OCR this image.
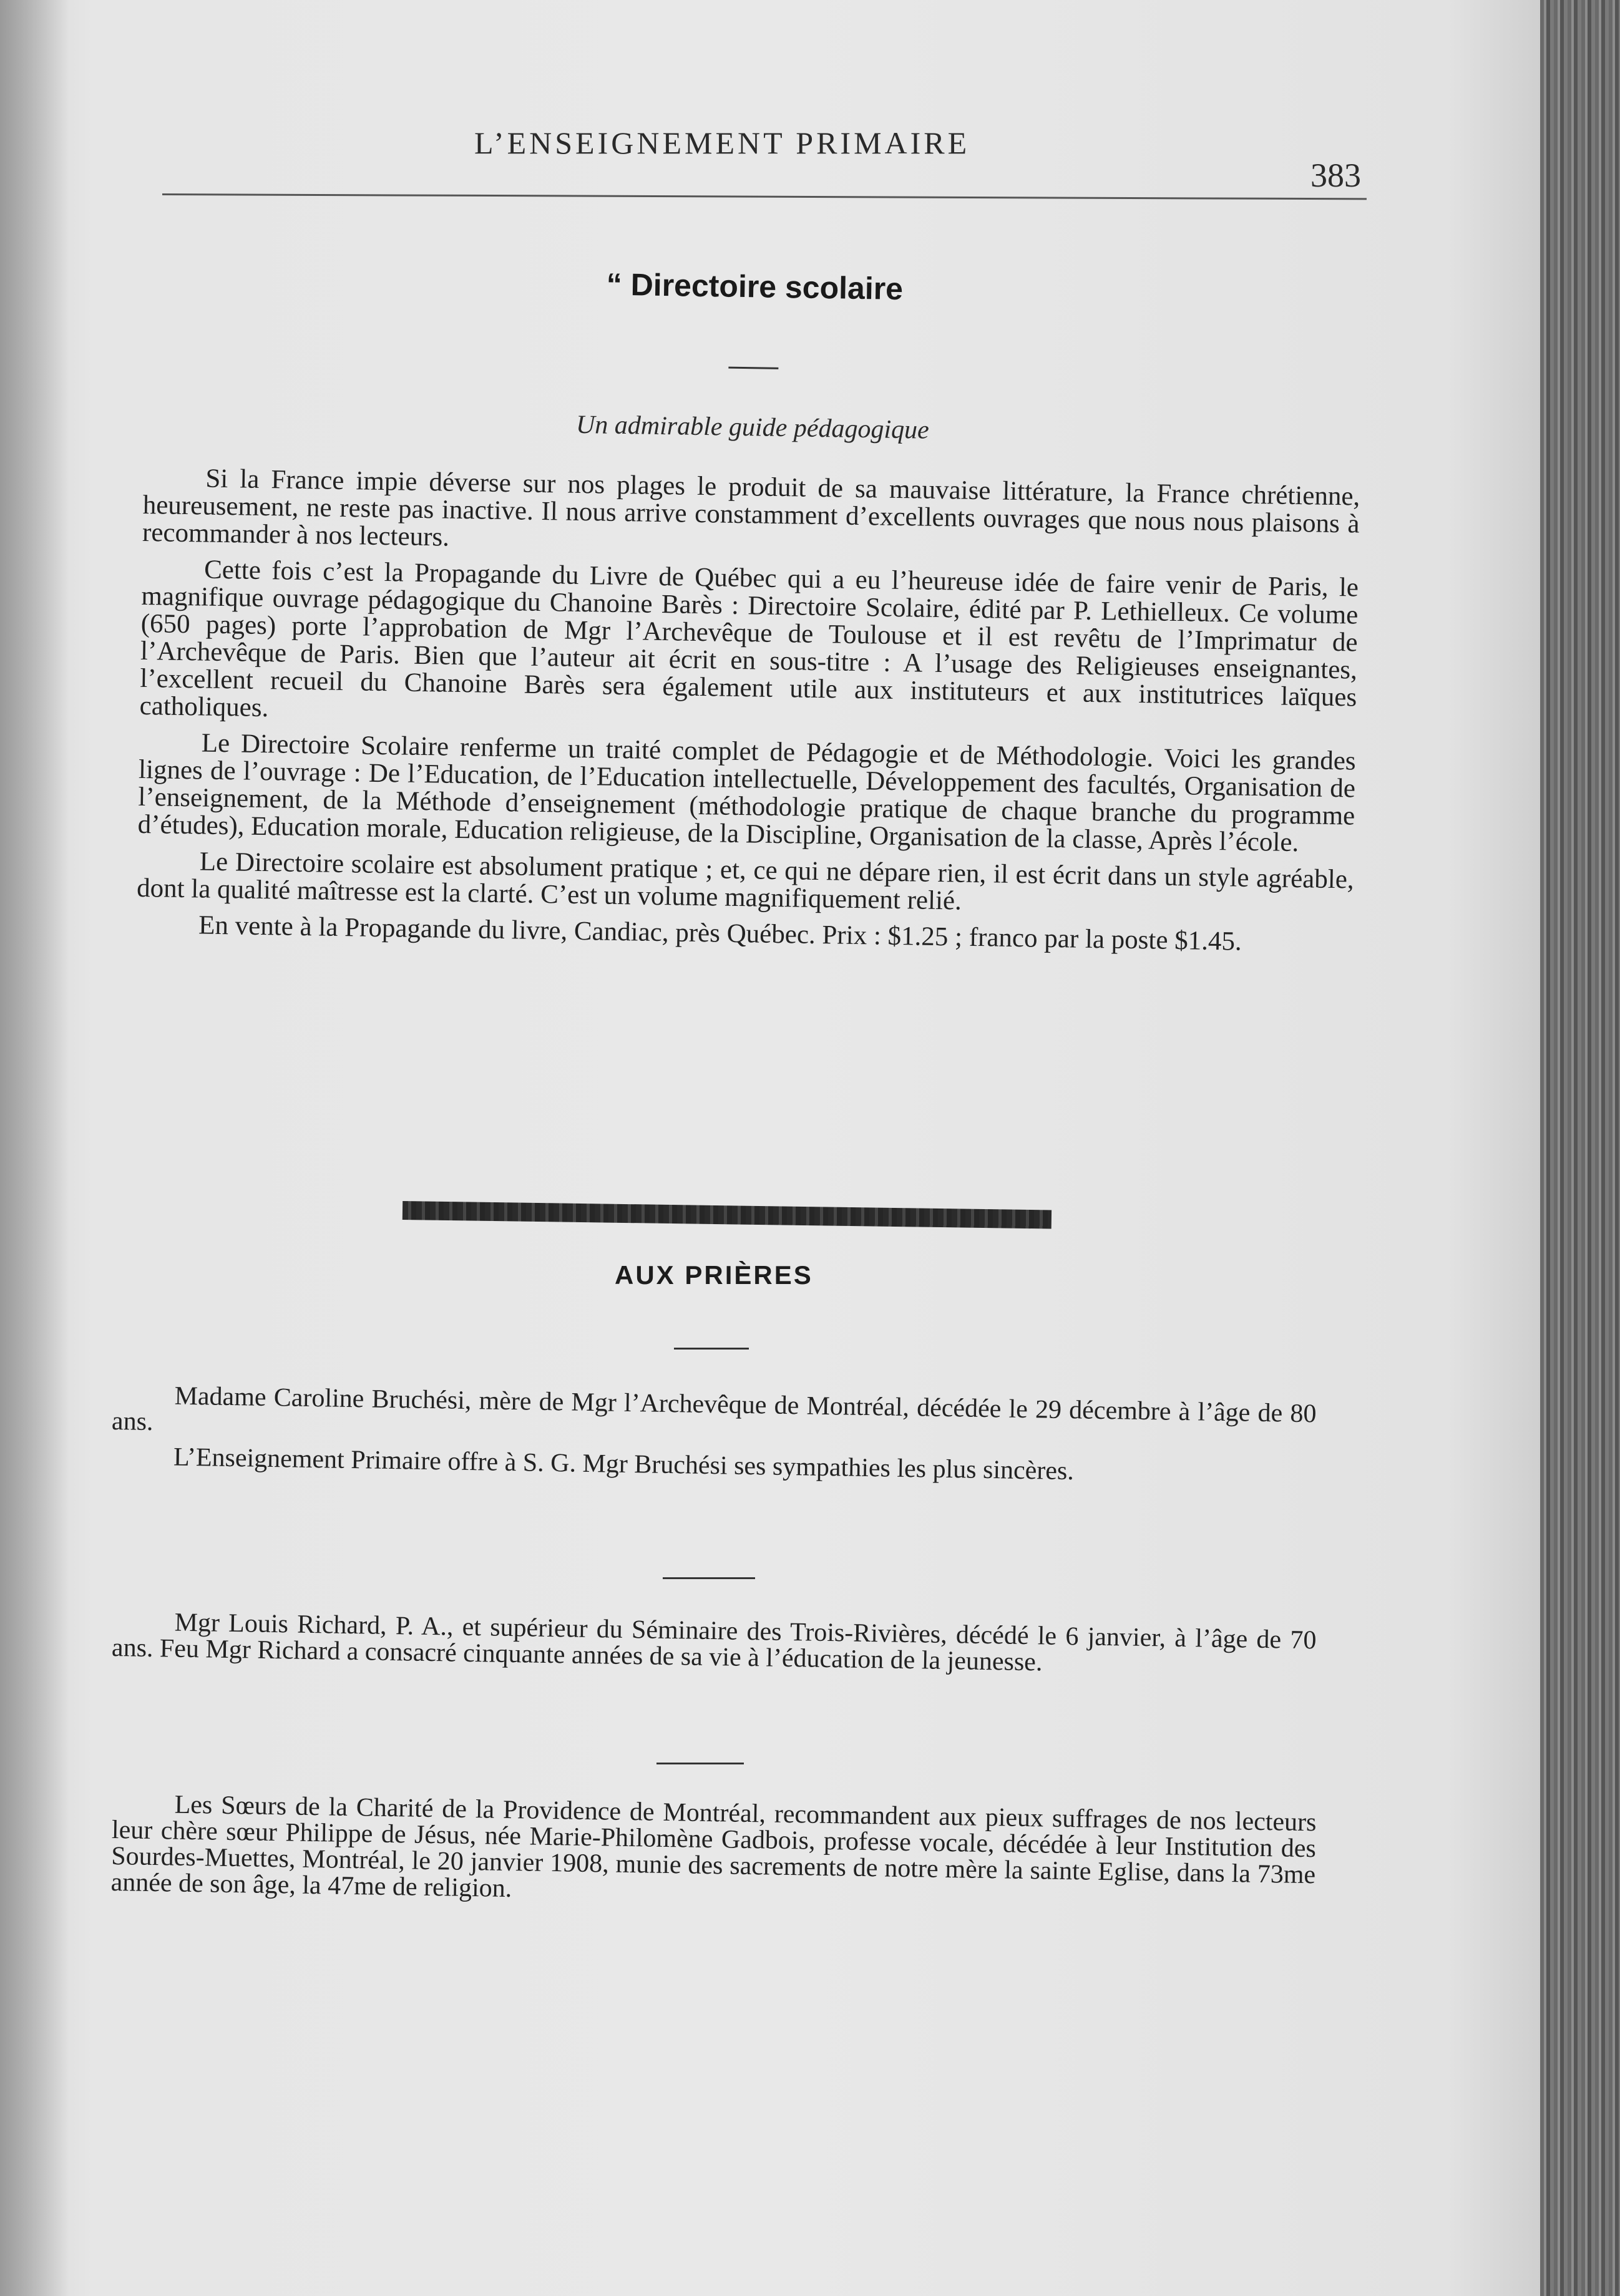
L’ENSEIGNEMENT PRIMAIRE
383
“ Directoire scolaire
Un admirable guide pédagogique

Si la France impie déverse sur nos plages le produit de sa mauvaise littérature, la France chrétienne, heureusement, ne reste pas inactive. Il nous arrive constamment d’excellents ouvrages que nous nous plaisons à recommander à nos lecteurs.

Cette fois c’est la Propagande du Livre de Québec qui a eu l’heureuse idée de faire venir de Paris, le magnifique ouvrage pédagogique du Chanoine Barès : Directoire Scolaire, édité par P. Lethielleux. Ce volume (650 pages) porte l’approbation de Mgr l’Archevêque de Toulouse et il est revêtu de l’Imprimatur de l’Archevêque de Paris. Bien que l’auteur ait écrit en sous-titre : A l’usage des Religieuses enseignantes, l’excellent recueil du Chanoine Barès sera également utile aux instituteurs et aux institutrices laïques catholiques.

Le Directoire Scolaire renferme un traité complet de Pédagogie et de Méthodologie. Voici les grandes lignes de l’ouvrage : De l’Education, de l’Education intellectuelle, Développement des facultés, Organisation de l’enseignement, de la Méthode d’enseignement (méthodologie pratique de chaque branche du programme d’études), Education morale, Education religieuse, de la Discipline, Organisation de la classe, Après l’école.

Le Directoire scolaire est absolument pratique ; et, ce qui ne dépare rien, il est écrit dans un style agréable, dont la qualité maîtresse est la clarté. C’est un volume magnifiquement relié.

En vente à la Propagande du livre, Candiac, près Québec. Prix : $1.25 ; franco par la poste $1.45.

AUX PRIÈRES

Madame Caroline Bruchési, mère de Mgr l’Archevêque de Montréal, décédée le 29 décembre à l’âge de 80 ans.

L’Enseignement Primaire offre à S. G. Mgr Bruchési ses sympathies les plus sincères.

Mgr Louis Richard, P. A., et supérieur du Séminaire des Trois-Rivières, décédé le 6 janvier, à l’âge de 70 ans. Feu Mgr Richard a consacré cinquante années de sa vie à l’éducation de la jeunesse.

Les Sœurs de la Charité de la Providence de Montréal, recommandent aux pieux suffrages de nos lecteurs leur chère sœur Philippe de Jésus, née Marie-Philomène Gadbois, professe vocale, décédée à leur Institution des Sourdes-Muettes, Montréal, le 20 janvier 1908, munie des sacrements de notre mère la sainte Eglise, dans la 73me année de son âge, la 47me de religion.
